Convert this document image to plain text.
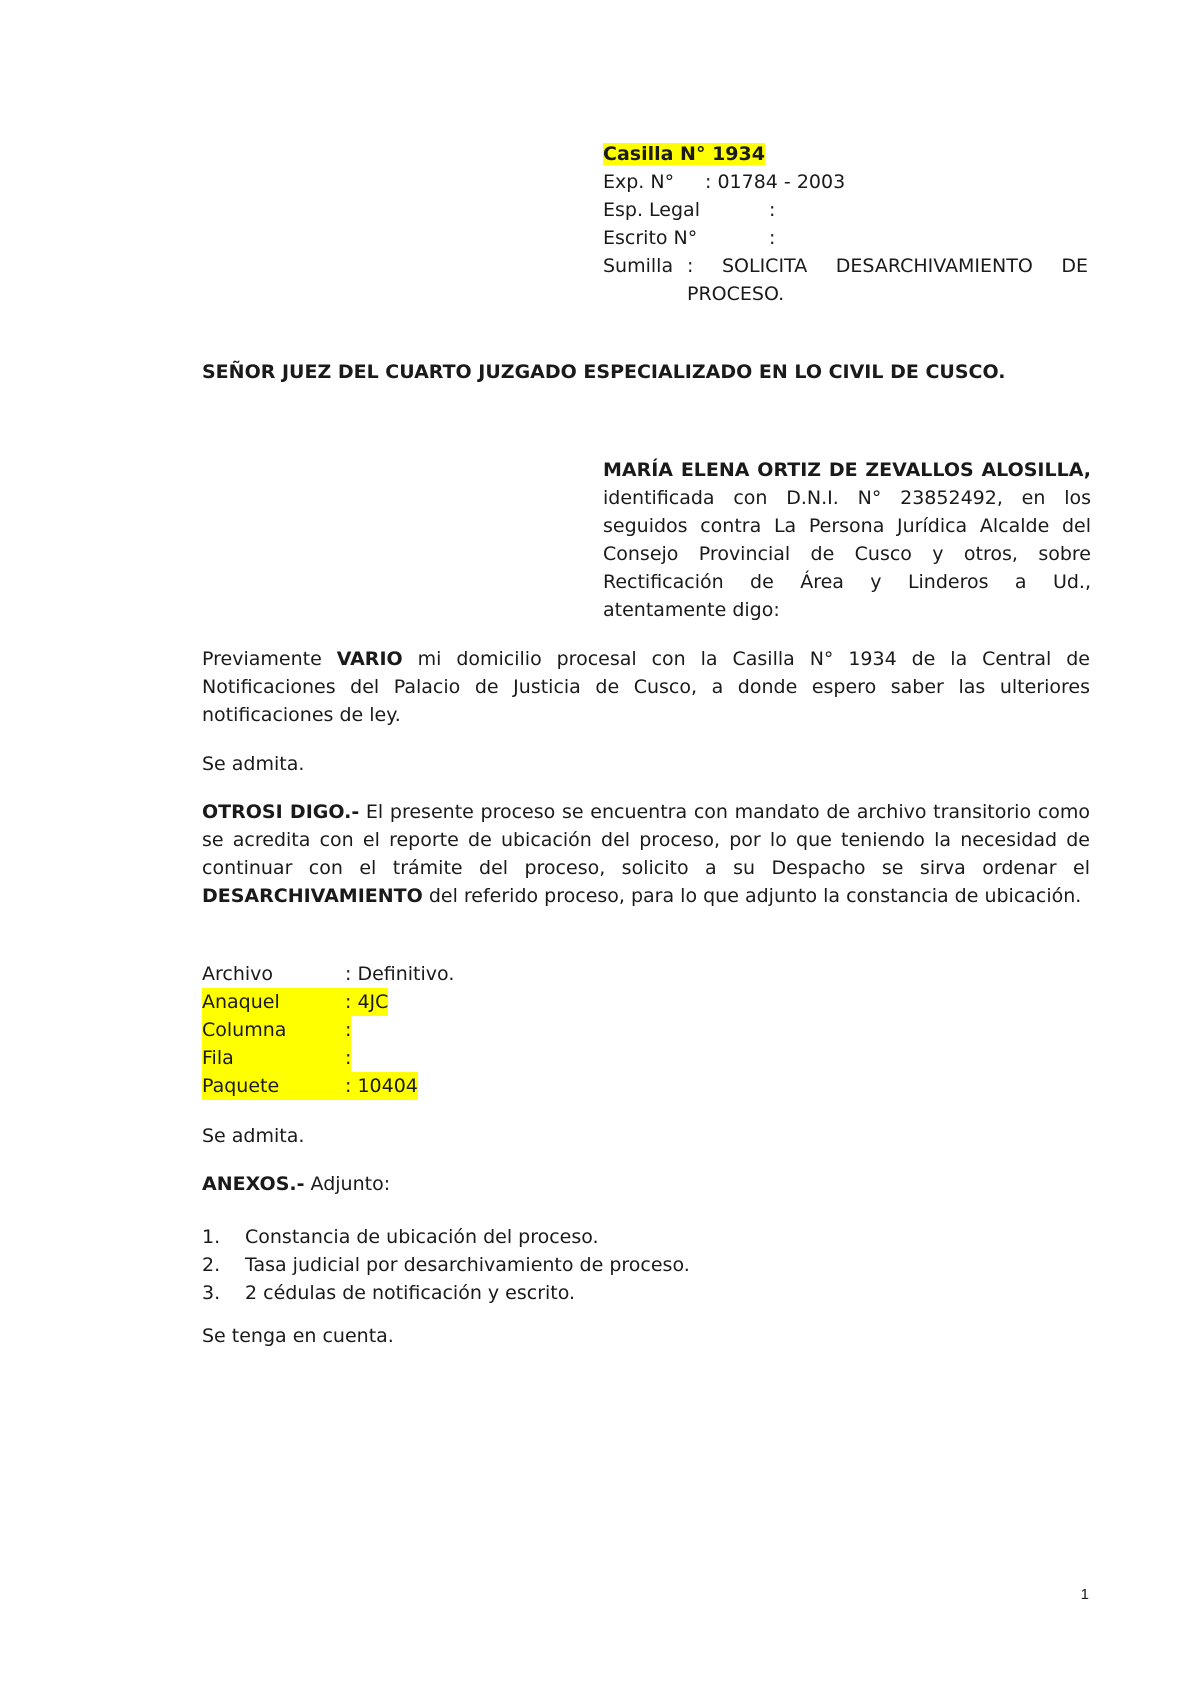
Casilla N° 1934
Exp. N° : 01784 - 2003
Esp. Legal	:
Escrito N°	:
Sumilla : SOLICITA DESARCHIVAMIENTO DE PROCESO.
SEÑOR JUEZ DEL CUARTO JUZGADO ESPECIALIZADO EN LO CIVIL DE CUSCO.
MARÍA ELENA ORTIZ DE ZEVALLOS ALOSILLA, identificada con D.N.I. N° 23852492, en los seguidos contra La Persona Jurídica Alcalde del Consejo Provincial de Cusco y otros, sobre Rectificación de Área y Linderos a Ud., atentamente digo:
Previamente VARIO mi domicilio procesal con la Casilla N° 1934 de la Central de Notificaciones del Palacio de Justicia de Cusco, a donde espero saber las ulteriores notificaciones de ley.
Se admita.
OTROSI DIGO.- El presente proceso se encuentra con mandato de archivo transitorio como se acredita con el reporte de ubicación del proceso, por lo que teniendo la necesidad de continuar con el trámite del proceso, solicito a su Despacho se sirva ordenar el DESARCHIVAMIENTO del referido proceso, para lo que adjunto la constancia de ubicación.
Archivo	: Definitivo.
Anaquel	: 4JC
Columna	:
Fila	:
Paquete	: 10404
Se admita.
ANEXOS.- Adjunto:
1.	Constancia de ubicación del proceso.
2.	Tasa judicial por desarchivamiento de proceso.
3.	2 cédulas de notificación y escrito.
Se tenga en cuenta.
1
